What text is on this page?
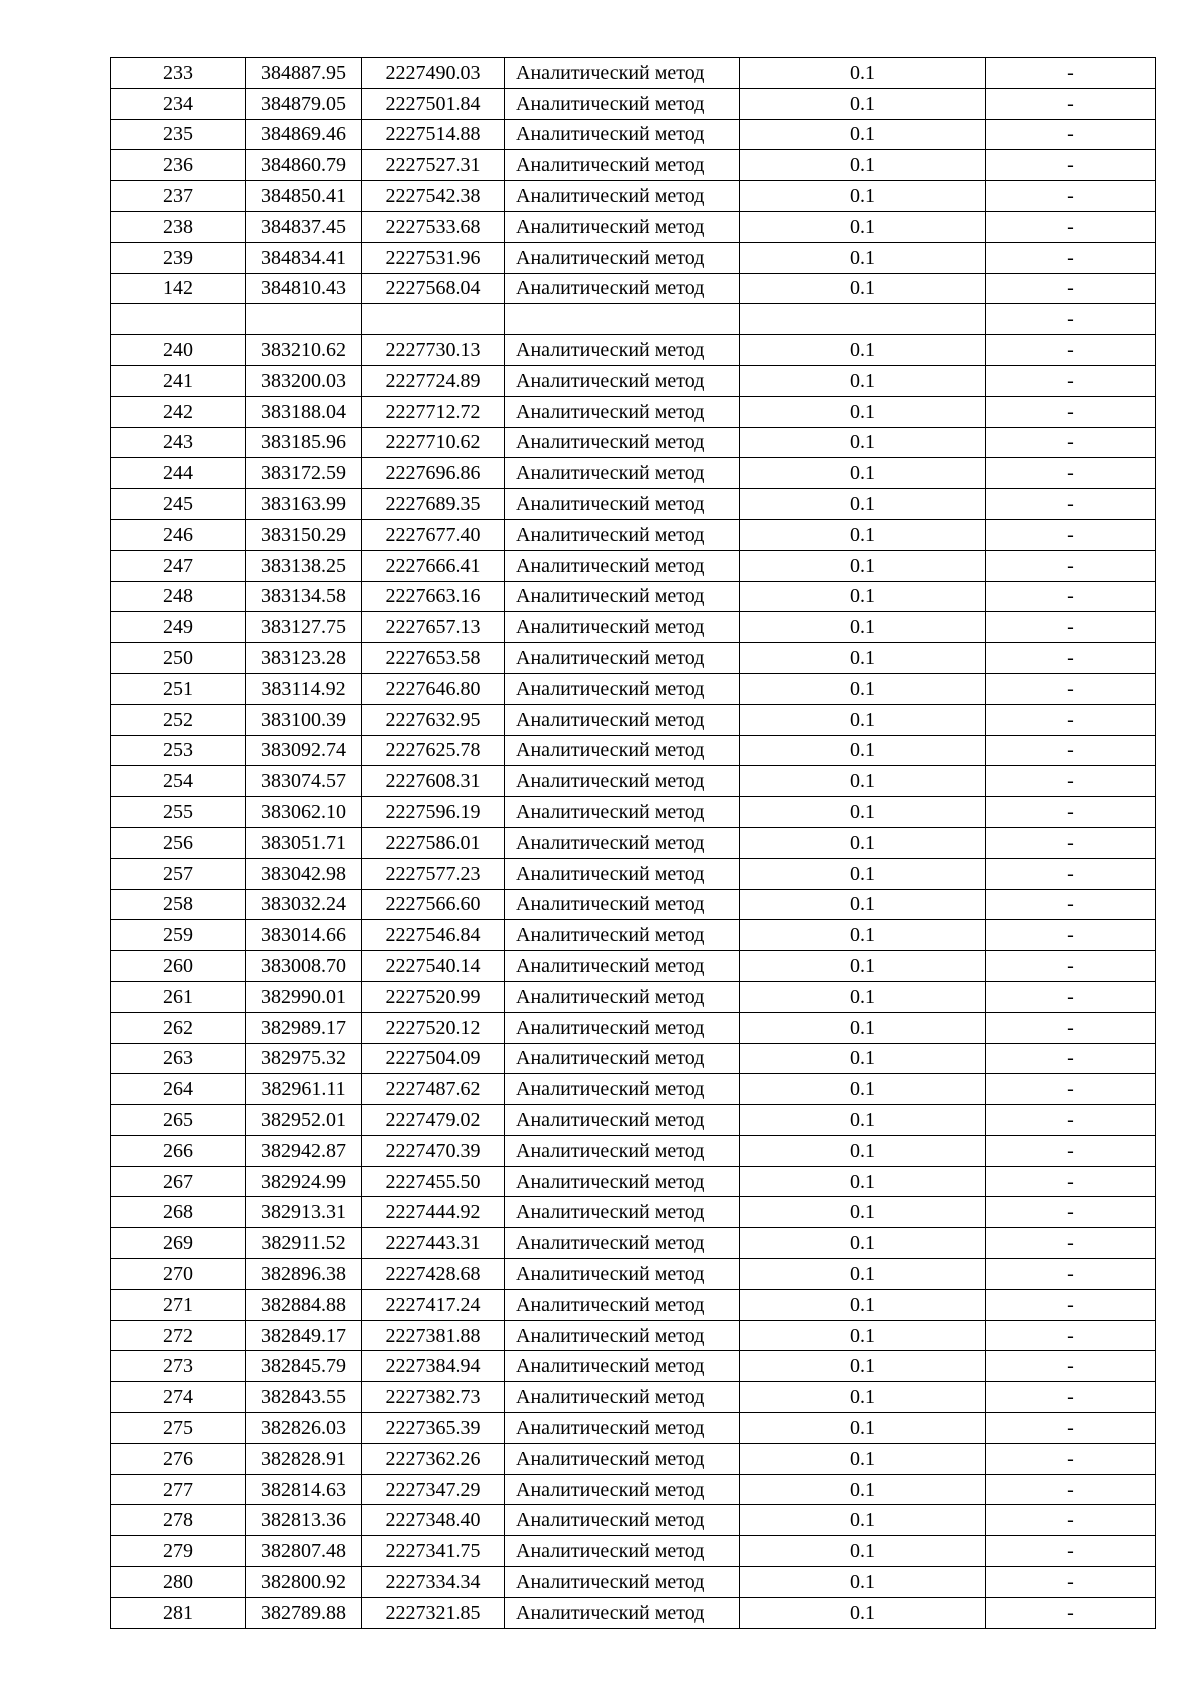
233	384887.95	2227490.03	Аналитический метод	0.1	-
234	384879.05	2227501.84	Аналитический метод	0.1	-
235	384869.46	2227514.88	Аналитический метод	0.1	-
236	384860.79	2227527.31	Аналитический метод	0.1	-
237	384850.41	2227542.38	Аналитический метод	0.1	-
238	384837.45	2227533.68	Аналитический метод	0.1	-
239	384834.41	2227531.96	Аналитический метод	0.1	-
142	384810.43	2227568.04	Аналитический метод	0.1	-
					-
240	383210.62	2227730.13	Аналитический метод	0.1	-
241	383200.03	2227724.89	Аналитический метод	0.1	-
242	383188.04	2227712.72	Аналитический метод	0.1	-
243	383185.96	2227710.62	Аналитический метод	0.1	-
244	383172.59	2227696.86	Аналитический метод	0.1	-
245	383163.99	2227689.35	Аналитический метод	0.1	-
246	383150.29	2227677.40	Аналитический метод	0.1	-
247	383138.25	2227666.41	Аналитический метод	0.1	-
248	383134.58	2227663.16	Аналитический метод	0.1	-
249	383127.75	2227657.13	Аналитический метод	0.1	-
250	383123.28	2227653.58	Аналитический метод	0.1	-
251	383114.92	2227646.80	Аналитический метод	0.1	-
252	383100.39	2227632.95	Аналитический метод	0.1	-
253	383092.74	2227625.78	Аналитический метод	0.1	-
254	383074.57	2227608.31	Аналитический метод	0.1	-
255	383062.10	2227596.19	Аналитический метод	0.1	-
256	383051.71	2227586.01	Аналитический метод	0.1	-
257	383042.98	2227577.23	Аналитический метод	0.1	-
258	383032.24	2227566.60	Аналитический метод	0.1	-
259	383014.66	2227546.84	Аналитический метод	0.1	-
260	383008.70	2227540.14	Аналитический метод	0.1	-
261	382990.01	2227520.99	Аналитический метод	0.1	-
262	382989.17	2227520.12	Аналитический метод	0.1	-
263	382975.32	2227504.09	Аналитический метод	0.1	-
264	382961.11	2227487.62	Аналитический метод	0.1	-
265	382952.01	2227479.02	Аналитический метод	0.1	-
266	382942.87	2227470.39	Аналитический метод	0.1	-
267	382924.99	2227455.50	Аналитический метод	0.1	-
268	382913.31	2227444.92	Аналитический метод	0.1	-
269	382911.52	2227443.31	Аналитический метод	0.1	-
270	382896.38	2227428.68	Аналитический метод	0.1	-
271	382884.88	2227417.24	Аналитический метод	0.1	-
272	382849.17	2227381.88	Аналитический метод	0.1	-
273	382845.79	2227384.94	Аналитический метод	0.1	-
274	382843.55	2227382.73	Аналитический метод	0.1	-
275	382826.03	2227365.39	Аналитический метод	0.1	-
276	382828.91	2227362.26	Аналитический метод	0.1	-
277	382814.63	2227347.29	Аналитический метод	0.1	-
278	382813.36	2227348.40	Аналитический метод	0.1	-
279	382807.48	2227341.75	Аналитический метод	0.1	-
280	382800.92	2227334.34	Аналитический метод	0.1	-
281	382789.88	2227321.85	Аналитический метод	0.1	-
